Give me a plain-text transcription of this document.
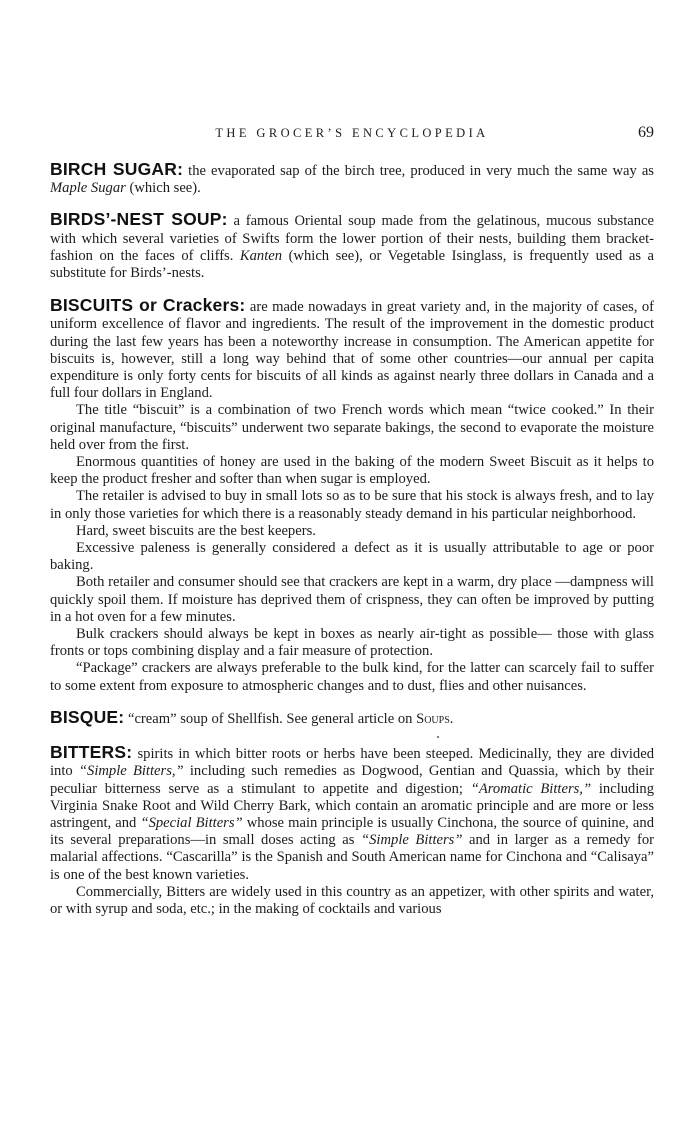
THE GROCER’S ENCYCLOPEDIA	69

BIRCH SUGAR: the evaporated sap of the birch tree, produced in very much the same way as Maple Sugar (which see).

BIRDS’-NEST SOUP: a famous Oriental soup made from the gelatinous, mucous substance with which several varieties of Swifts form the lower portion of their nests, building them bracket-fashion on the faces of cliffs. Kanten (which see), or Vegetable Isinglass, is frequently used as a substitute for Birds’-nests.

BISCUITS or Crackers: are made nowadays in great variety and, in the majority of cases, of uniform excellence of flavor and ingredients. The result of the improvement in the domestic product during the last few years has been a noteworthy increase in consumption. The American appetite for biscuits is, however, still a long way behind that of some other countries—our annual per capita expenditure is only forty cents for biscuits of all kinds as against nearly three dollars in Canada and a full four dollars in England.

The title “biscuit” is a combination of two French words which mean “twice cooked.” In their original manufacture, “biscuits” underwent two separate bakings, the second to evaporate the moisture held over from the first.

Enormous quantities of honey are used in the baking of the modern Sweet Biscuit as it helps to keep the product fresher and softer than when sugar is employed.

The retailer is advised to buy in small lots so as to be sure that his stock is always fresh, and to lay in only those varieties for which there is a reasonably steady demand in his particular neighborhood.

Hard, sweet biscuits are the best keepers.

Excessive paleness is generally considered a defect as it is usually attributable to age or poor baking.

Both retailer and consumer should see that crackers are kept in a warm, dry place —dampness will quickly spoil them. If moisture has deprived them of crispness, they can often be improved by putting in a hot oven for a few minutes.

Bulk crackers should always be kept in boxes as nearly air-tight as possible— those with glass fronts or tops combining display and a fair measure of protection.

“Package” crackers are always preferable to the bulk kind, for the latter can scarcely fail to suffer to some extent from exposure to atmospheric changes and to dust, flies and other nuisances.

BISQUE: “cream” soup of Shellfish. See general article on Soups.

BITTERS: spirits in which bitter roots or herbs have been steeped. Medicinally, they are divided into “Simple Bitters,” including such remedies as Dogwood, Gentian and Quassia, which by their peculiar bitterness serve as a stimulant to appetite and digestion; “Aromatic Bitters,” including Virginia Snake Root and Wild Cherry Bark, which contain an aromatic principle and are more or less astringent, and “Special Bitters” whose main principle is usually Cinchona, the source of quinine, and its several preparations—in small doses acting as “Simple Bitters” and in larger as a remedy for malarial affections. “Cascarilla” is the Spanish and South American name for Cinchona and “Calisaya” is one of the best known varieties.

Commercially, Bitters are widely used in this country as an appetizer, with other spirits and water, or with syrup and soda, etc.; in the making of cocktails and various
